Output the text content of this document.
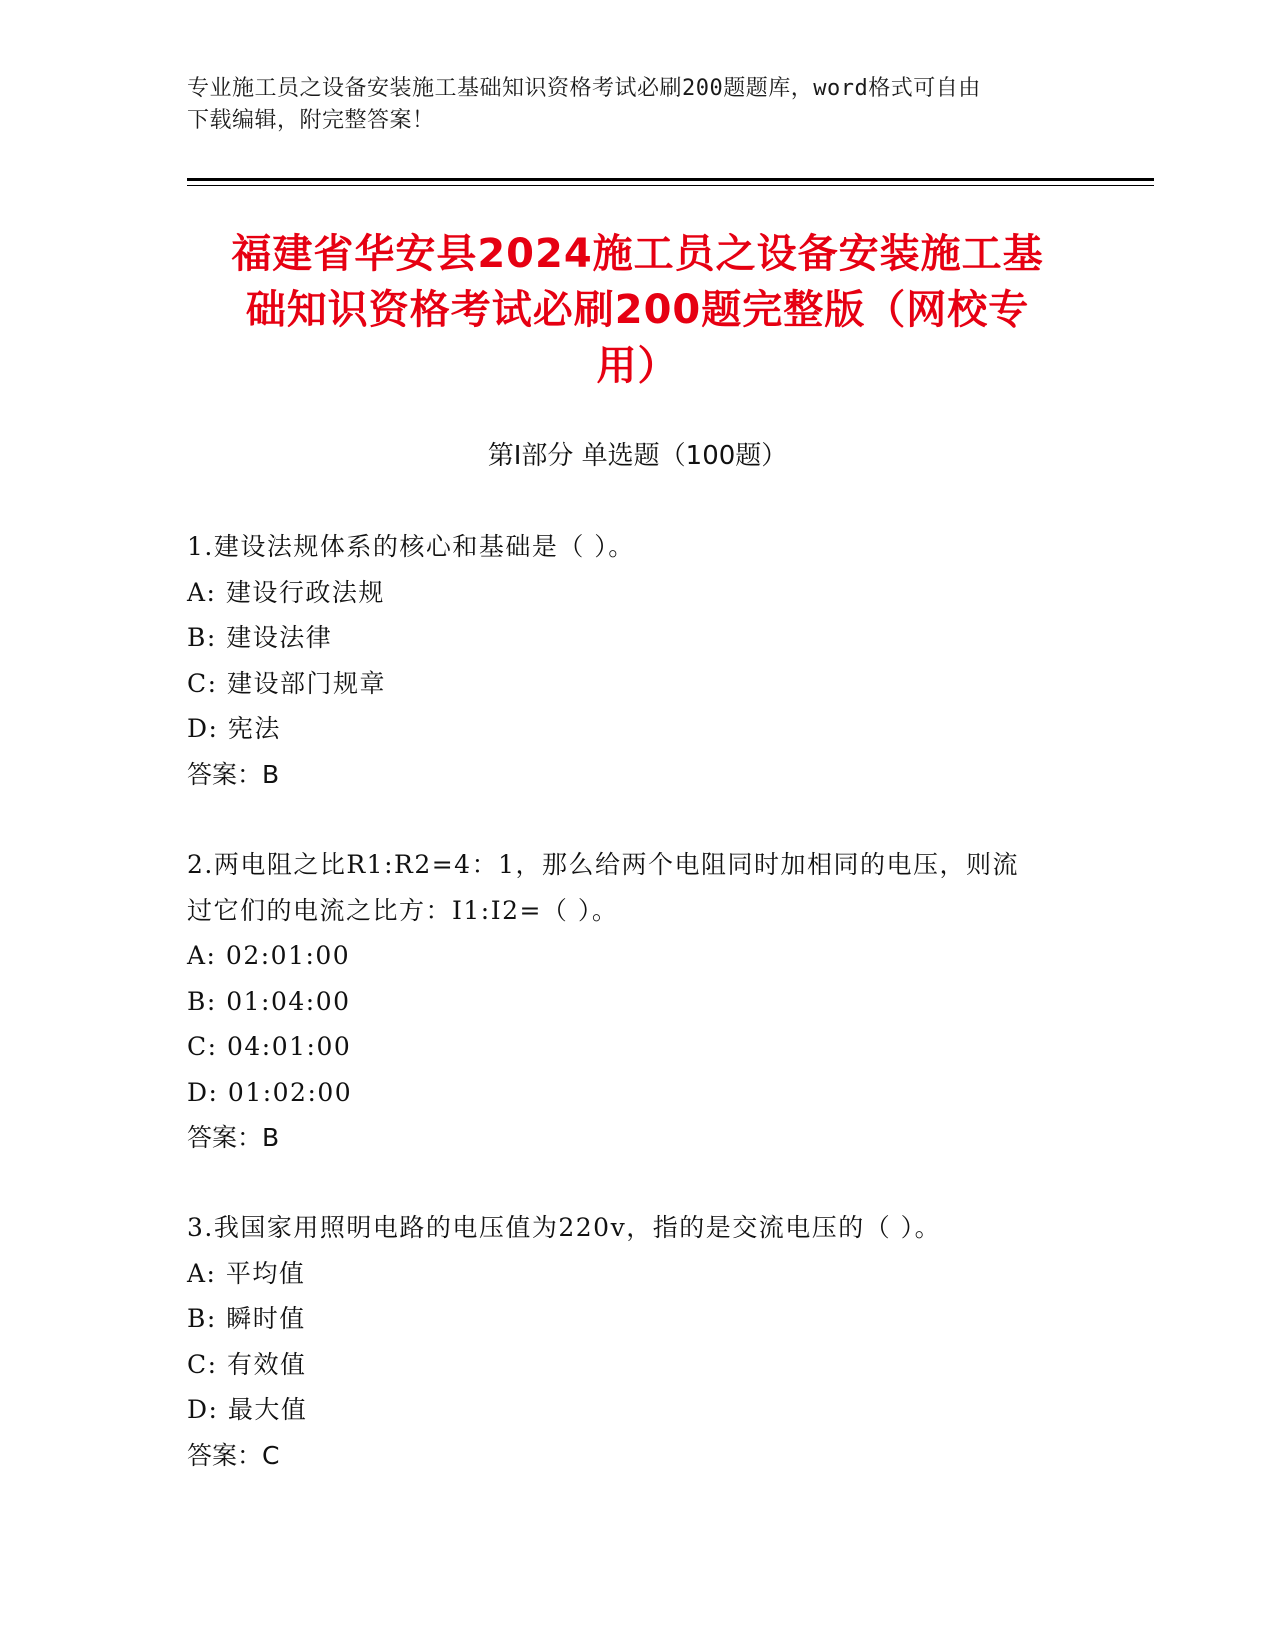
专业施工员之设备安装施工基础知识资格考试必刷200题题库，word格式可自由
下载编辑，附完整答案！
福建省华安县2024施工员之设备安装施工基
础知识资格考试必刷200题完整版（网校专
用）
第Ⅰ部分 单选题（100题）

1.建设法规体系的核心和基础是（ ）。

A: 建设行政法规

B: 建设法律

C: 建设部门规章

D: 宪法

答案：B

2.两电阻之比R1:R2=4：1，那么给两个电阻同时加相同的电压，则流

过它们的电流之比方：I1:I2=（ ）。

A: 02:01:00

B: 01:04:00

C: 04:01:00

D: 01:02:00

答案：B

3.我国家用照明电路的电压值为220v，指的是交流电压的（ ）。

A: 平均值

B: 瞬时值

C: 有效值

D: 最大值

答案：C
